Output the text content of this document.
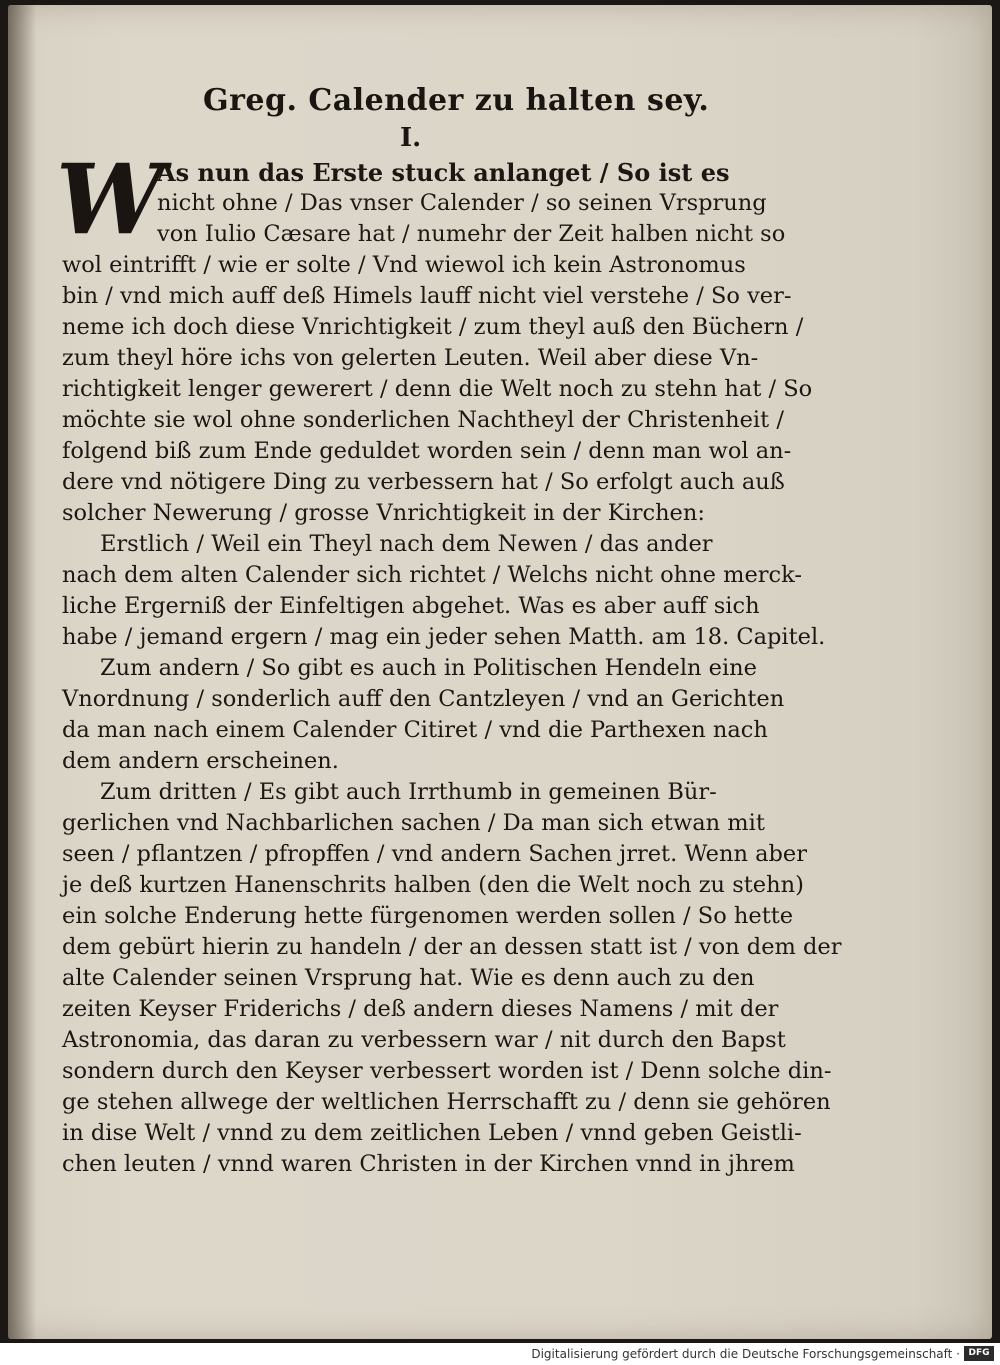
Greg. Calender zu halten sey.
I.
W
As nun das Erste stuck anlanget / So ist es
nicht ohne / Das vnser Calender / so seinen Vrsprung
von Iulio Cæsare hat / numehr der Zeit halben nicht so
wol eintrifft / wie er solte / Vnd wiewol ich kein Astronomus
bin / vnd mich auff deß Himels lauff nicht viel verstehe / So ver-
neme ich doch diese Vnrichtigkeit / zum theyl auß den Büchern /
zum theyl höre ichs von gelerten Leuten. Weil aber diese Vn-
richtigkeit lenger gewerert / denn die Welt noch zu stehn hat / So
möchte sie wol ohne sonderlichen Nachtheyl der Christenheit /
folgend biß zum Ende geduldet worden sein / denn man wol an-
dere vnd nötigere Ding zu verbessern hat / So erfolgt auch auß
solcher Newerung / grosse Vnrichtigkeit in der Kirchen:
Erstlich / Weil ein Theyl nach dem Newen / das ander
nach dem alten Calender sich richtet / Welchs nicht ohne merck-
liche Ergerniß der Einfeltigen abgehet. Was es aber auff sich
habe / jemand ergern / mag ein jeder sehen Matth. am 18. Capitel.
Zum andern / So gibt es auch in Politischen Hendeln eine
Vnordnung / sonderlich auff den Cantzleyen / vnd an Gerichten
da man nach einem Calender Citiret / vnd die Parthexen nach
dem andern erscheinen.
Zum dritten / Es gibt auch Irrthumb in gemeinen Bür-
gerlichen vnd Nachbarlichen sachen / Da man sich etwan mit
seen / pflantzen / pfropffen / vnd andern Sachen jrret. Wenn aber
je deß kurtzen Hanenschrits halben (den die Welt noch zu stehn)
ein solche Enderung hette fürgenomen werden sollen / So hette
dem gebürt hierin zu handeln / der an dessen statt ist / von dem der
alte Calender seinen Vrsprung hat. Wie es denn auch zu den
zeiten Keyser Friderichs / deß andern dieses Namens / mit der
Astronomia, das daran zu verbessern war / nit durch den Bapst
sondern durch den Keyser verbessert worden ist / Denn solche din-
ge stehen allwege der weltlichen Herrschafft zu / denn sie gehören
in dise Welt / vnnd zu dem zeitlichen Leben / vnnd geben Geistli-
chen leuten / vnnd waren Christen in der Kirchen vnnd in jhrem
Digitalisierung gefördert durch die Deutsche Forschungsgemeinschaft · DFG
